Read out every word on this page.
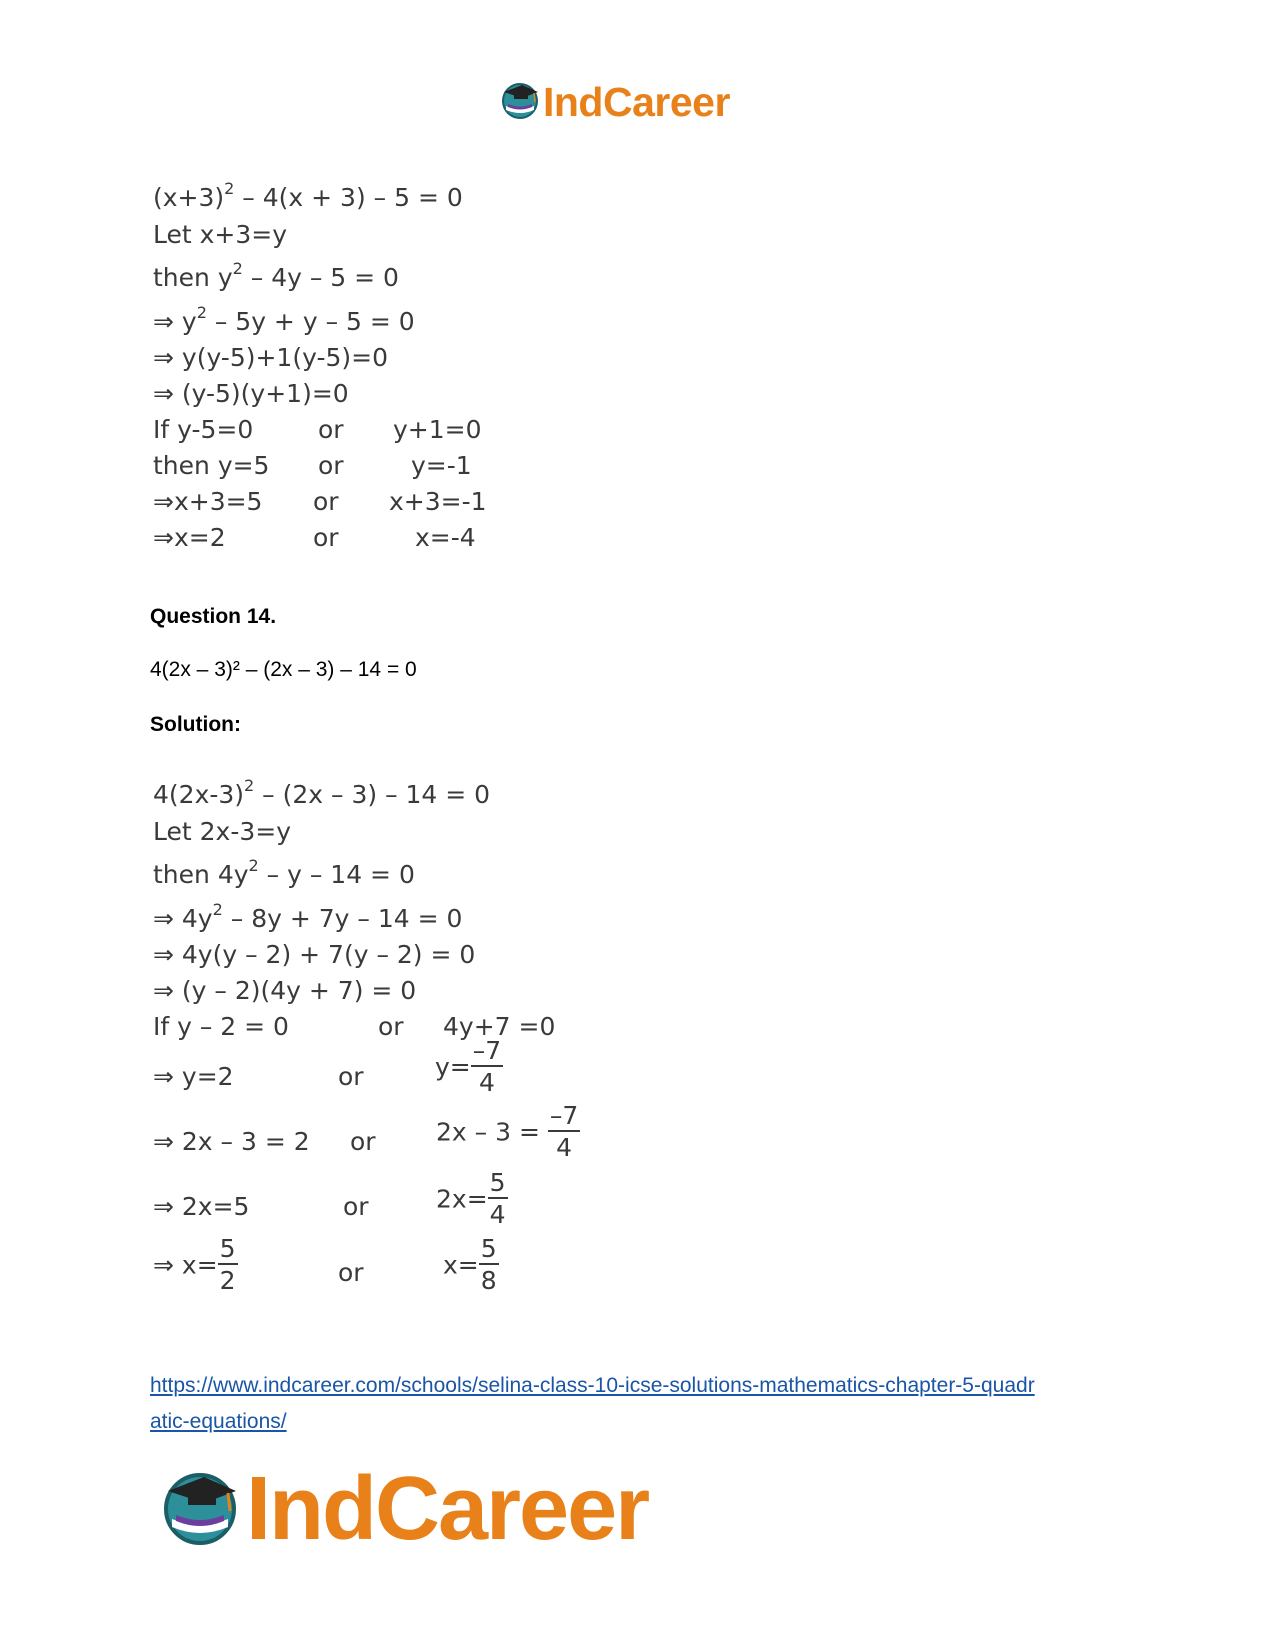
IndCareer
$(x+3)^2 - 4(x + 3) - 5 = 0$
Let x+3=y
then $y^2 - 4y - 5 = 0$
⇒ $y^2 - 5y + y - 5 = 0$
⇒ y(y-5)+1(y-5)=0
⇒ (y-5)(y+1)=0
If y-5=0	or y+1=0
then y=5 or	y=-1
⇒x+3=5 or x+3=-1
⇒x=2	or	x=-4
Question 14.
4(2x – 3)² – (2x – 3) – 14 = 0
Solution:
$4(2x-3)^2 - (2x - 3) - 14 = 0$
Let 2x-3=y
then $4y^2 - y - 14 = 0$
⇒ $4y^2 - 8y + 7y - 14 = 0$
⇒ 4y(y – 2) + 7(y – 2) = 0
⇒ (y – 2)(4y + 7) = 0
If y – 2 = 0	or 4y+7 =0
⇒ y=2	or	$y= \frac{-7}{4}$
⇒ 2x – 3 = 2 or $2x - 3 = \frac{-7}{4}$
⇒ 2x=5	or	$2x= \frac{5}{4}$
⇒ $x= \frac{5}{2}$	or	$x= \frac{5}{8}$
https://www.indcareer.com/schools/selina-class-10-icse-solutions-mathematics-chapter-5-quadr
atic-equations/
IndCareer
